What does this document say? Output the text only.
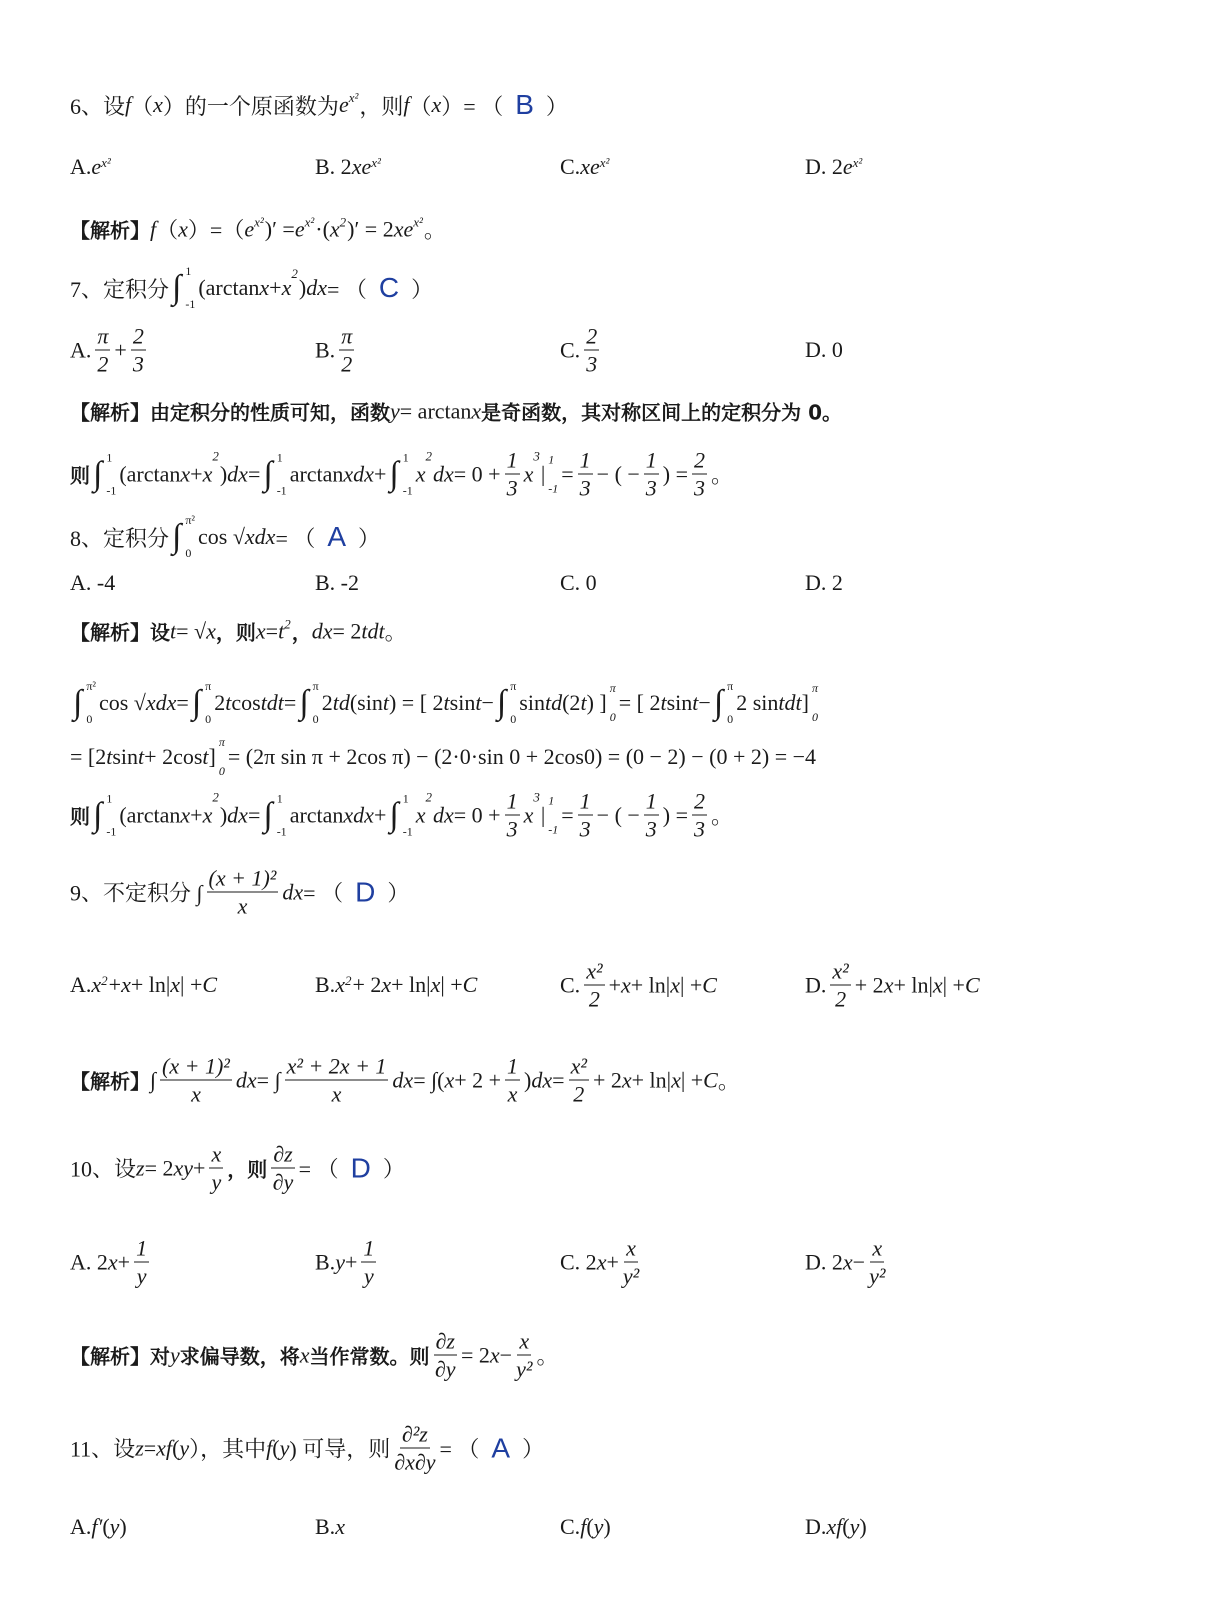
6、设 f （ x ）的一个原函数为 e x² ，则 f （ x ）= （ B ）
A. e x²	B. 2 xe x²	C. xe x²	D. 2 e x²
【解析】 f （ x ）=（ e x² )′ = e x² ·( x 2 )′ = 2 xe x² 。
7、定积分 ∫ 1
-1
(arctan x + x
2
) dx = （ C ）
A. $\frac{\pi}{2} + \frac{2}{3}$	B. $\frac{\pi}{2}$	C. $\frac{2}{3}$	D. 0
【解析】由定积分的性质可知，函数 y = arctan x 是奇函数，其对称区间上的定积分为 0。
则 ∫ 1
-1
(arctan x + x
2
) dx = ∫ 1
-1
arctan xdx + ∫ 1
-1
x
2
dx = $0 + \frac{1}{3}$ x
3
|
1
-1
= $\frac{1}{3}$ − ( − $\frac{1}{3}$ ) = $\frac{2}{3}$ 。
8、定积分 ∫ π²
0
cos √ x dx = （ A ）
A. -4	B. -2	C. 0	D. 2
【解析】设 t = √ x ，则 x = t 2 ， dx = 2 tdt 。
∫ π²
0
cos √ xdx = ∫ π
0
2 t cos tdt = ∫ π
0
2 td (sin t ) = [ 2 t sin t − ∫ π
0
sin td (2 t ) ]
π
0
= [ 2 t sin t − ∫ π
0
2 sin tdt ]
π
0
= [2 t sin t + 2cos t ]
π
0
= (2π sin π + 2cos π) − (2·0·sin 0 + 2cos0) = (0 − 2) − (0 + 2) = −4
则 ∫ 1
-1
(arctan x + x
2
) dx = ∫ 1
-1
arctan xdx + ∫ 1
-1
x
2
dx = $0 + \frac{1}{3}$ x
3
|
1
-1
= $\frac{1}{3}$ − ( − $\frac{1}{3}$ ) = $\frac{2}{3}$ 。
9、不定积分 ∫ $\frac{\text{(x + 1)²}}{x}$ dx = （ D ）
A. x 2 + x + ln| x | + C	B. x 2 + 2 x + ln| x | + C	C. $\frac{\text{x²}}{2} + x + \ln|$ x | + C	D. $\frac{\text{x²}}{2} + 2$ x + ln| x | + C
【解析】 ∫ $\frac{\text{(x + 1)²}}{x}$ dx = ∫ $\frac{\text{x² + 2x + 1}}{x}$ dx = ∫( $x + 2 + \frac{1}{x}$ ) dx = $\frac{\text{x²}}{2} + 2$ x + ln| x | + C 。
10、设 z = 2 xy + $\frac{x}{y}$ ，则 $\frac{\partial z}{\partial y}$ = （ D ）
A. 2 $x + \frac{1}{y}$	B. $y + \frac{1}{y}$	C. 2 $x + \frac{x}{\text{y²}}$	D. 2 $x - \frac{x}{\text{y²}}$
【解析】对 y 求偏导数，将 x 当作常数。则 $\frac{\partial z}{\partial y} = 2$ $x - \frac{x}{\text{y²}}$ 。
11、设 z = xf ( y ），其中 f ( y ) 可导，则 $\frac{\text{∂²z}}{\partial x\partial y}$ = （ A ）
A. f′ ( y )	B. x	C. f ( y )	D. xf ( y )
